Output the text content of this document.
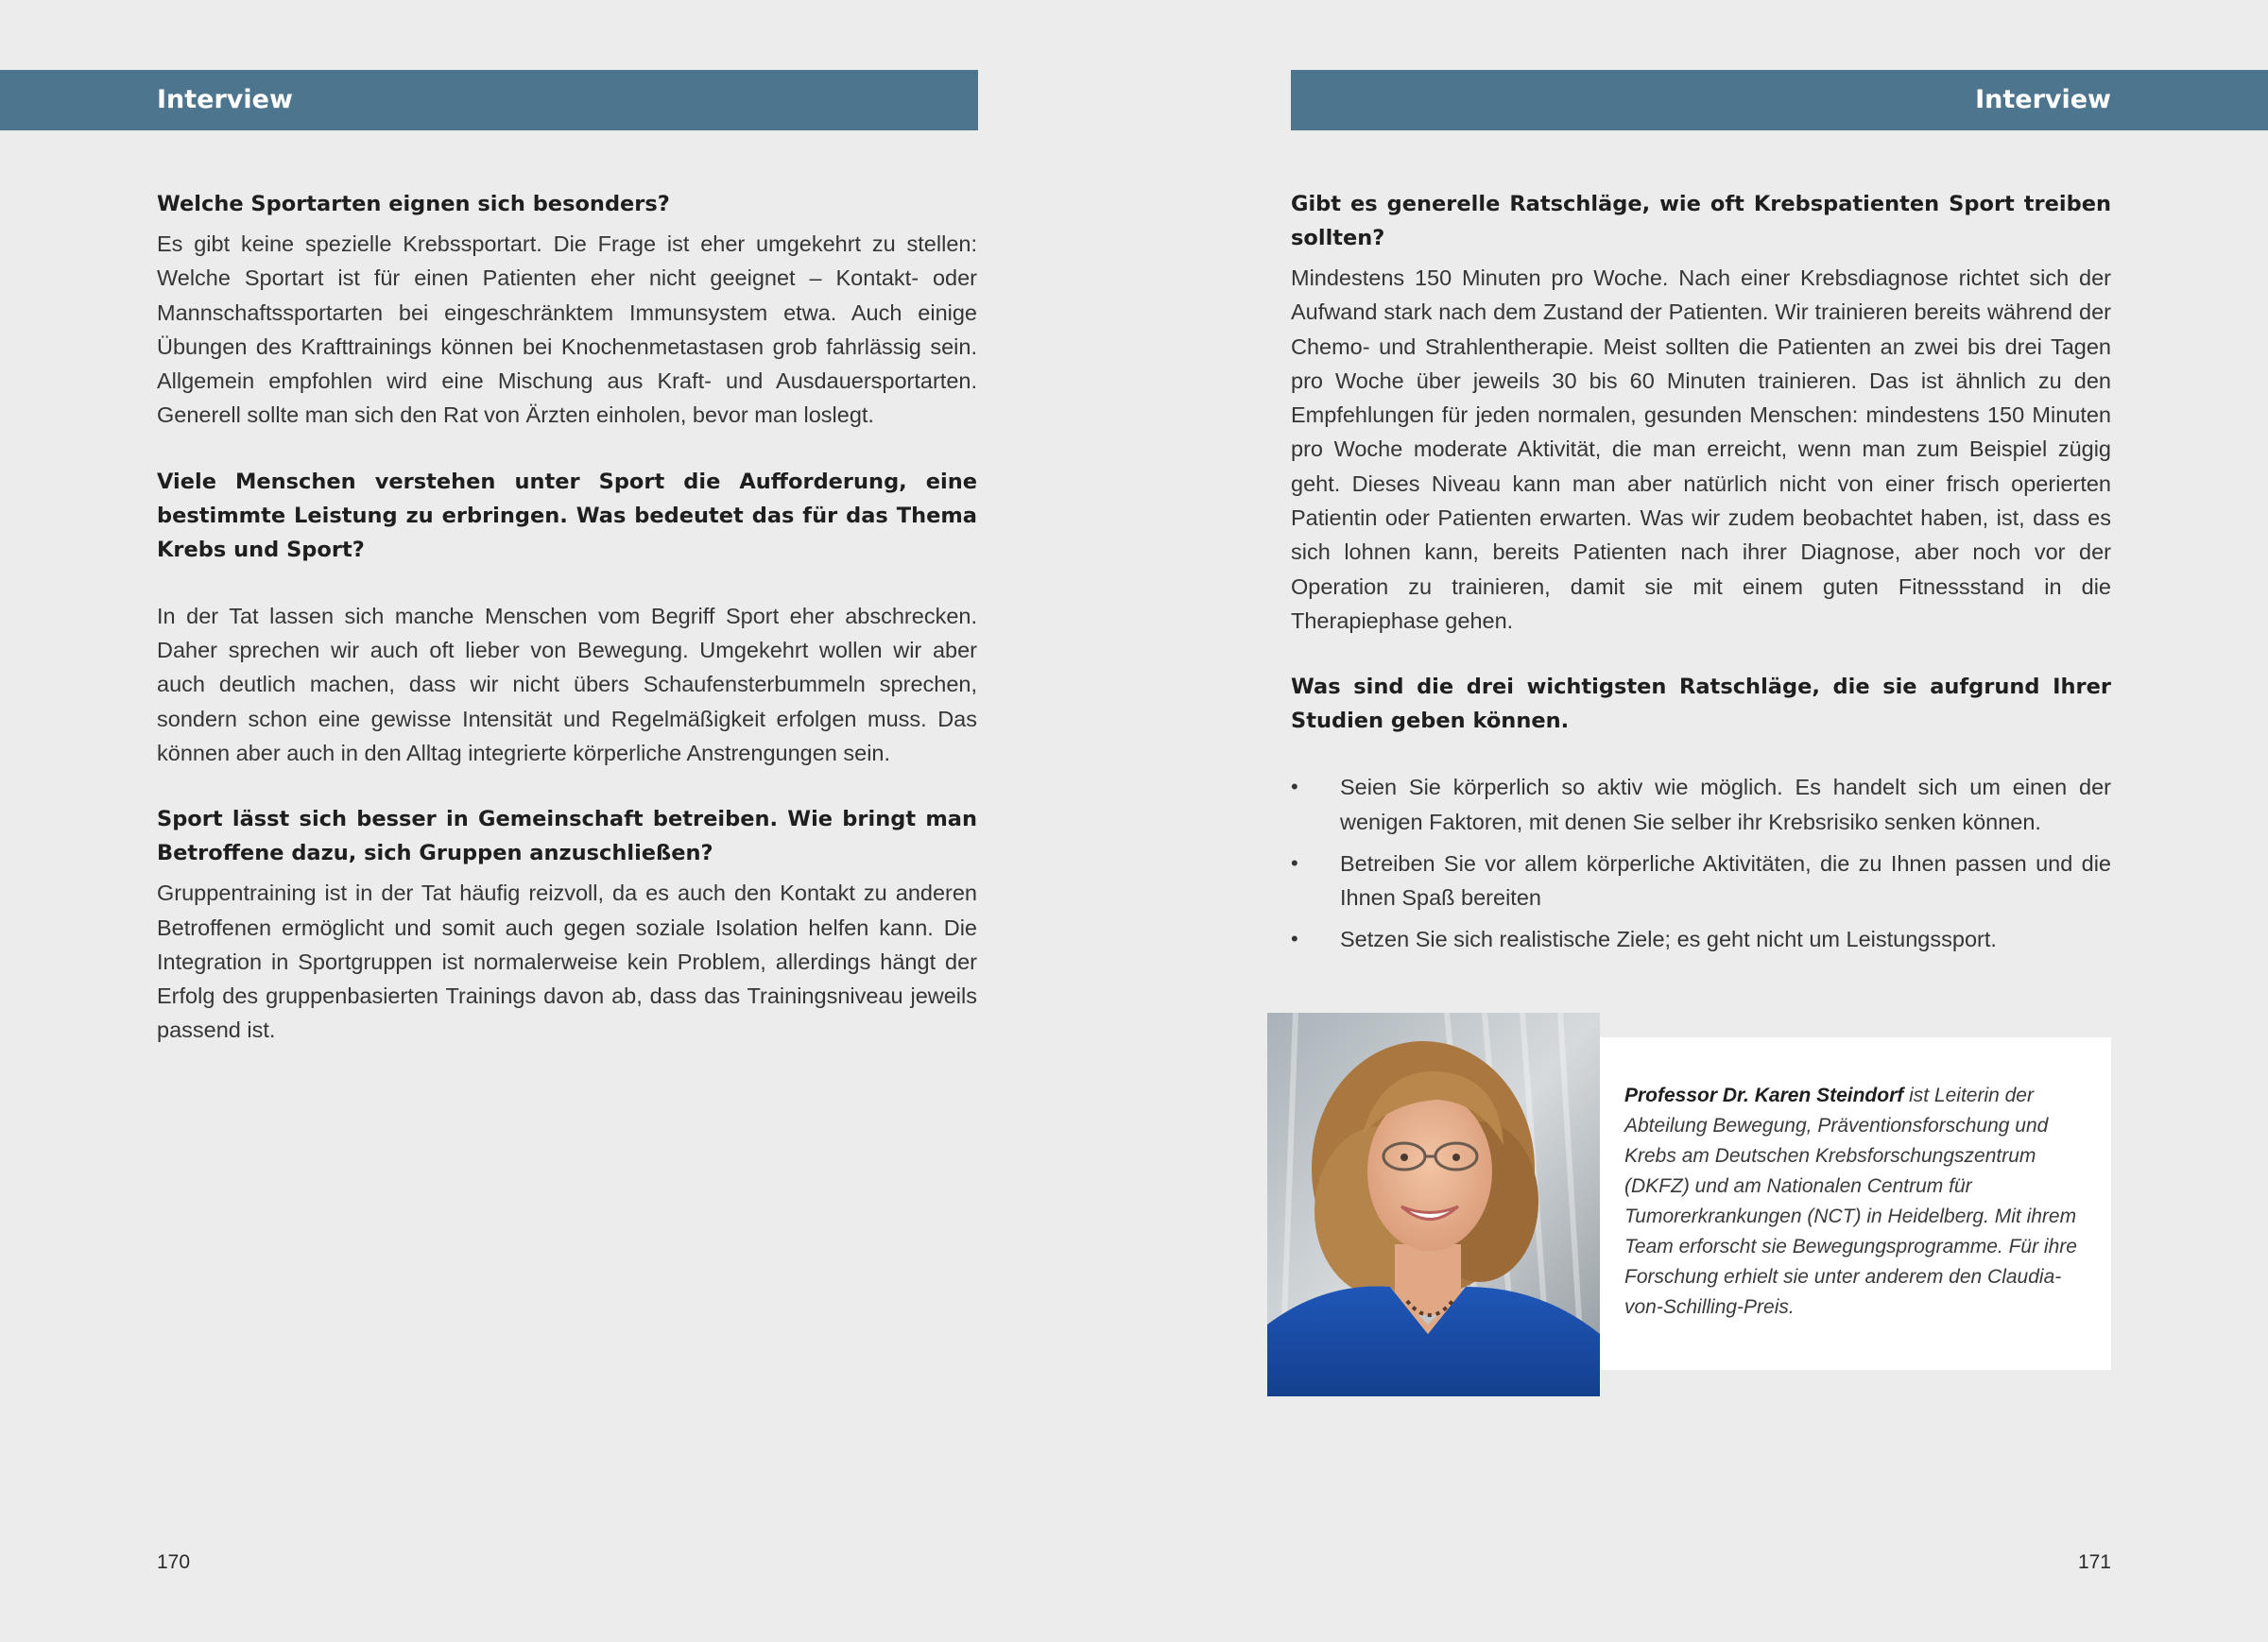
Interview

Welche Sportarten eignen sich besonders?

Es gibt keine spezielle Krebssportart. Die Frage ist eher umgekehrt zu stellen: Welche Sportart ist für einen Patienten eher nicht geeignet – Kontakt- oder Mannschaftssportarten bei eingeschränktem Immunsystem etwa. Auch einige Übungen des Krafttrainings können bei Knochenmetastasen grob fahrlässig sein. Allgemein empfohlen wird eine Mischung aus Kraft- und Ausdauersportarten. Generell sollte man sich den Rat von Ärzten einholen, bevor man loslegt.

Viele Menschen verstehen unter Sport die Aufforderung, eine bestimmte Leistung zu erbringen. Was bedeutet das für das Thema Krebs und Sport?

In der Tat lassen sich manche Menschen vom Begriff Sport eher abschrecken. Daher sprechen wir auch oft lieber von Bewegung. Umgekehrt wollen wir aber auch deutlich machen, dass wir nicht übers Schaufensterbummeln sprechen, sondern schon eine gewisse Intensität und Regelmäßigkeit erfolgen muss. Das können aber auch in den Alltag integrierte körperliche Anstrengungen sein.

Sport lässt sich besser in Gemeinschaft betreiben. Wie bringt man Betroffene dazu, sich Gruppen anzuschließen?

Gruppentraining ist in der Tat häufig reizvoll, da es auch den Kontakt zu anderen Betroffenen ermöglicht und somit auch gegen soziale Isolation helfen kann. Die Integration in Sportgruppen ist normalerweise kein Problem, allerdings hängt der Erfolg des gruppenbasierten Trainings davon ab, dass das Trainingsniveau jeweils passend ist.

170
Interview

Gibt es generelle Ratschläge, wie oft Krebspatienten Sport treiben sollten?

Mindestens 150 Minuten pro Woche. Nach einer Krebsdiagnose richtet sich der Aufwand stark nach dem Zustand der Patienten. Wir trainieren bereits während der Chemo- und Strahlentherapie. Meist sollten die Patienten an zwei bis drei Tagen pro Woche über jeweils 30 bis 60 Minuten trainieren. Das ist ähnlich zu den Empfehlungen für jeden normalen, gesunden Menschen: mindestens 150 Minuten pro Woche moderate Aktivität, die man erreicht, wenn man zum Beispiel zügig geht. Dieses Niveau kann man aber natürlich nicht von einer frisch operierten Patientin oder Patienten erwarten. Was wir zudem beobachtet haben, ist, dass es sich lohnen kann, bereits Patienten nach ihrer Diagnose, aber noch vor der Operation zu trainieren, damit sie mit einem guten Fitnessstand in die Therapiephase gehen.

Was sind die drei wichtigsten Ratschläge, die sie aufgrund Ihrer Studien geben können.

• Seien Sie körperlich so aktiv wie möglich. Es handelt sich um einen der wenigen Faktoren, mit denen Sie selber ihr Krebsrisiko senken können.
• Betreiben Sie vor allem körperliche Aktivitäten, die zu Ihnen passen und die Ihnen Spaß bereiten
• Setzen Sie sich realistische Ziele; es geht nicht um Leistungssport.
171
Professor Dr. Karen Steindorf ist Leiterin der Abteilung Bewegung, Präventionsforschung und Krebs am Deutschen Krebsforschungszentrum (DKFZ) und am Nationalen Centrum für Tumorerkrankungen (NCT) in Heidelberg. Mit ihrem Team erforscht sie Bewegungsprogramme. Für ihre Forschung erhielt sie unter anderem den Claudia-von-Schilling-Preis.
